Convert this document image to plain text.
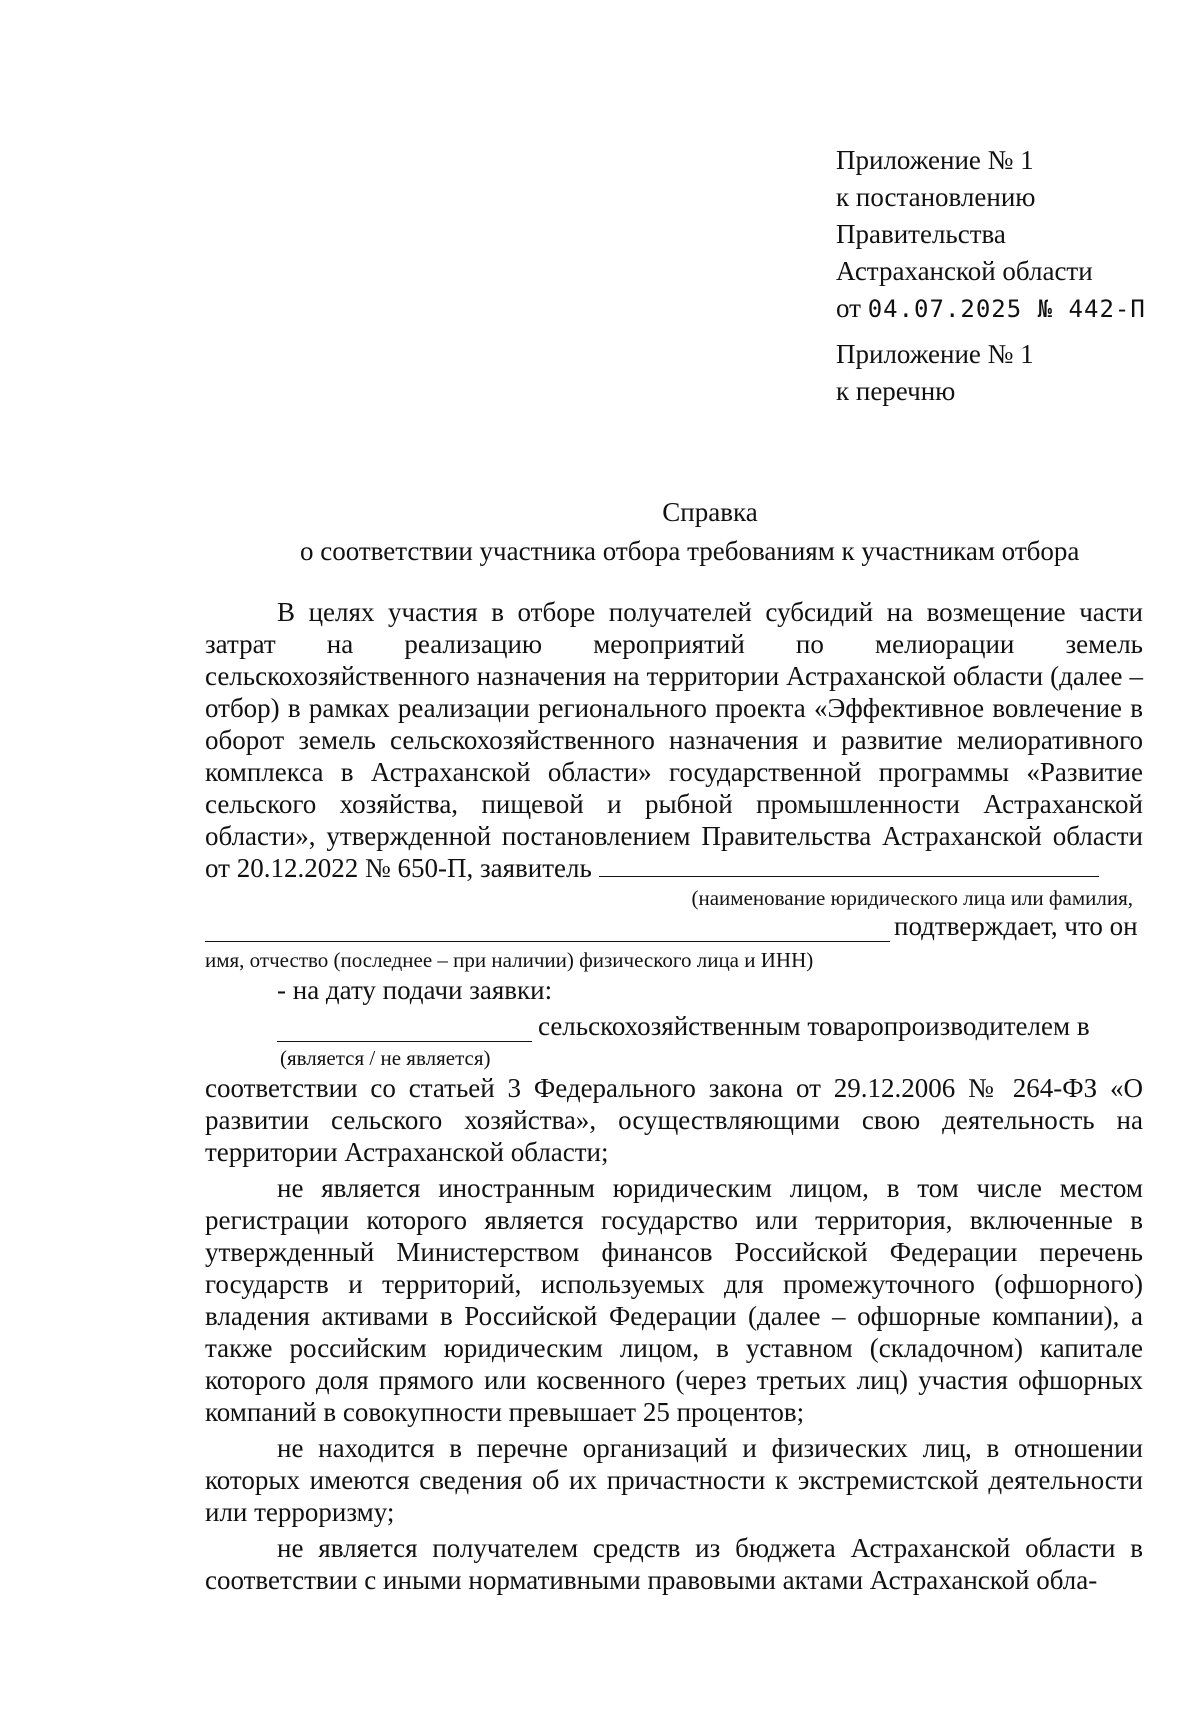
Приложение № 1
к постановлению
Правительства
Астраханской области
от 04.07.2025 № 442-П
Приложение № 1
к перечню
Справка
о соответствии участника отбора требованиям к участникам отбора

В целях участия в отборе получателей субсидий на возмещение части затрат на реализацию мероприятий по мелиорации земель сельскохозяйственного назначения на территории Астраханской области (далее – отбор) в рамках реализации регионального проекта «Эффективное вовлечение в оборот земель сельскохозяйственного назначения и развитие мелиоративного комплекса в Астраханской области» государственной программы «Развитие сельского хозяйства, пищевой и рыбной промышленности Астраханской области», утвержденной постановлением Правительства Астраханской области от 20.12.2022 № 650-П, заявитель

(наименование юридического лица или фамилия,
подтверждает, что он
имя, отчество (последнее – при наличии) физического лица и ИНН)
- на дату подачи заявки:
сельскохозяйственным товаропроизводителем в
(является / не является)

соответствии со статьей 3 Федерального закона от 29.12.2006 № 264-ФЗ «О развитии сельского хозяйства», осуществляющими свою деятельность на территории Астраханской области;

не является иностранным юридическим лицом, в том числе местом регистрации которого является государство или территория, включенные в утвержденный Министерством финансов Российской Федерации перечень государств и территорий, используемых для промежуточного (офшорного) владения активами в Российской Федерации (далее – офшорные компании), а также российским юридическим лицом, в уставном (складочном) капитале которого доля прямого или косвенного (через третьих лиц) участия офшорных компаний в совокупности превышает 25 процентов;

не находится в перечне организаций и физических лиц, в отношении которых имеются сведения об их причастности к экстремистской деятельности или терроризму;

не является получателем средств из бюджета Астраханской области в соответствии с иными нормативными правовыми актами Астраханской обла-
